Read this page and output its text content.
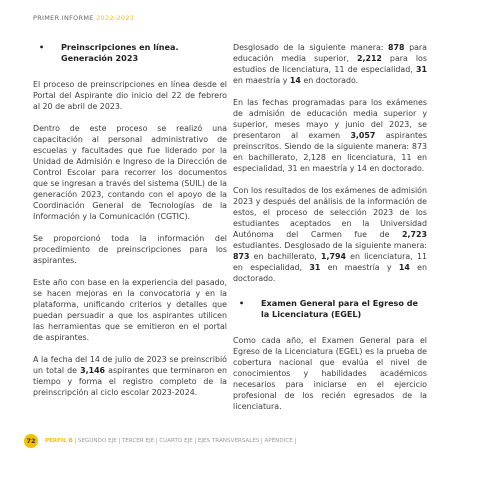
PRIMER INFORME 2022-2023
•	Preinscripciones en línea.
Generación 2023

El proceso de preinscripciones en línea desde el Portal del Aspirante dio inicio del 22 de febrero al 20 de abril de 2023.

Dentro de este proceso se realizó una capacitación al personal administrativo de escuelas y facultades que fue liderado por la Unidad de Admisión e Ingreso de la Dirección de Control Escolar para recorrer los documentos que se ingresan a través del sistema (SUIL) de la generación 2023, contando con el apoyo de la Coordinación General de Tecnologías de la Información y la Comunicación (CGTIC).

Se proporcionó toda la información del procedimiento de preinscripciones para los aspirantes.

Este año con base en la experiencia del pasado, se hacen mejoras en la convocatoria y en la plataforma, unificando criterios y detalles que puedan persuadir a que los aspirantes utilicen las herramientas que se emitieron en el portal de aspirantes.

A la fecha del 14 de julio de 2023 se preinscribió un total de 3,146 aspirantes que terminaron en tiempo y forma el registro completo de la preinscripción al ciclo escolar 2023-2024.

Desglosado de la siguiente manera: 878 para educación media superior, 2,212 para los estudios de licenciatura, 11 de especialidad, 31 en maestría y 14 en doctorado.

En las fechas programadas para los exámenes de admisión de educación media superior y superior, meses mayo y junio del 2023, se presentaron al examen 3,057 aspirantes preinscritos. Siendo de la siguiente manera: 873 en bachillerato, 2,128 en licenciatura, 11 en especialidad, 31 en maestría y 14 en doctorado.

Con los resultados de los exámenes de admisión 2023 y después del análisis de la información de estos, el proceso de selección 2023 de los estudiantes aceptados en la Universidad Autónoma del Carmen fue de 2,723 estudiantes. Desglosado de la siguiente manera: 873 en bachillerato, 1,794 en licenciatura, 11 en especialidad, 31 en maestría y 14 en doctorado.

•	Examen General para el Egreso de
la Licenciatura (EGEL)

Como cada año, el Examen General para el Egreso de la Licenciatura (EGEL) es la prueba de cobertura nacional que evalúa el nivel de conocimientos y habilidades académicos necesarios para iniciarse en el ejercicio profesional de los recién egresados de la licenciatura.

72	PERFIL B SEGUNDO EJE TERCER EJE CUARTO EJE EJES TRANSVERSALES APÉNDICE
